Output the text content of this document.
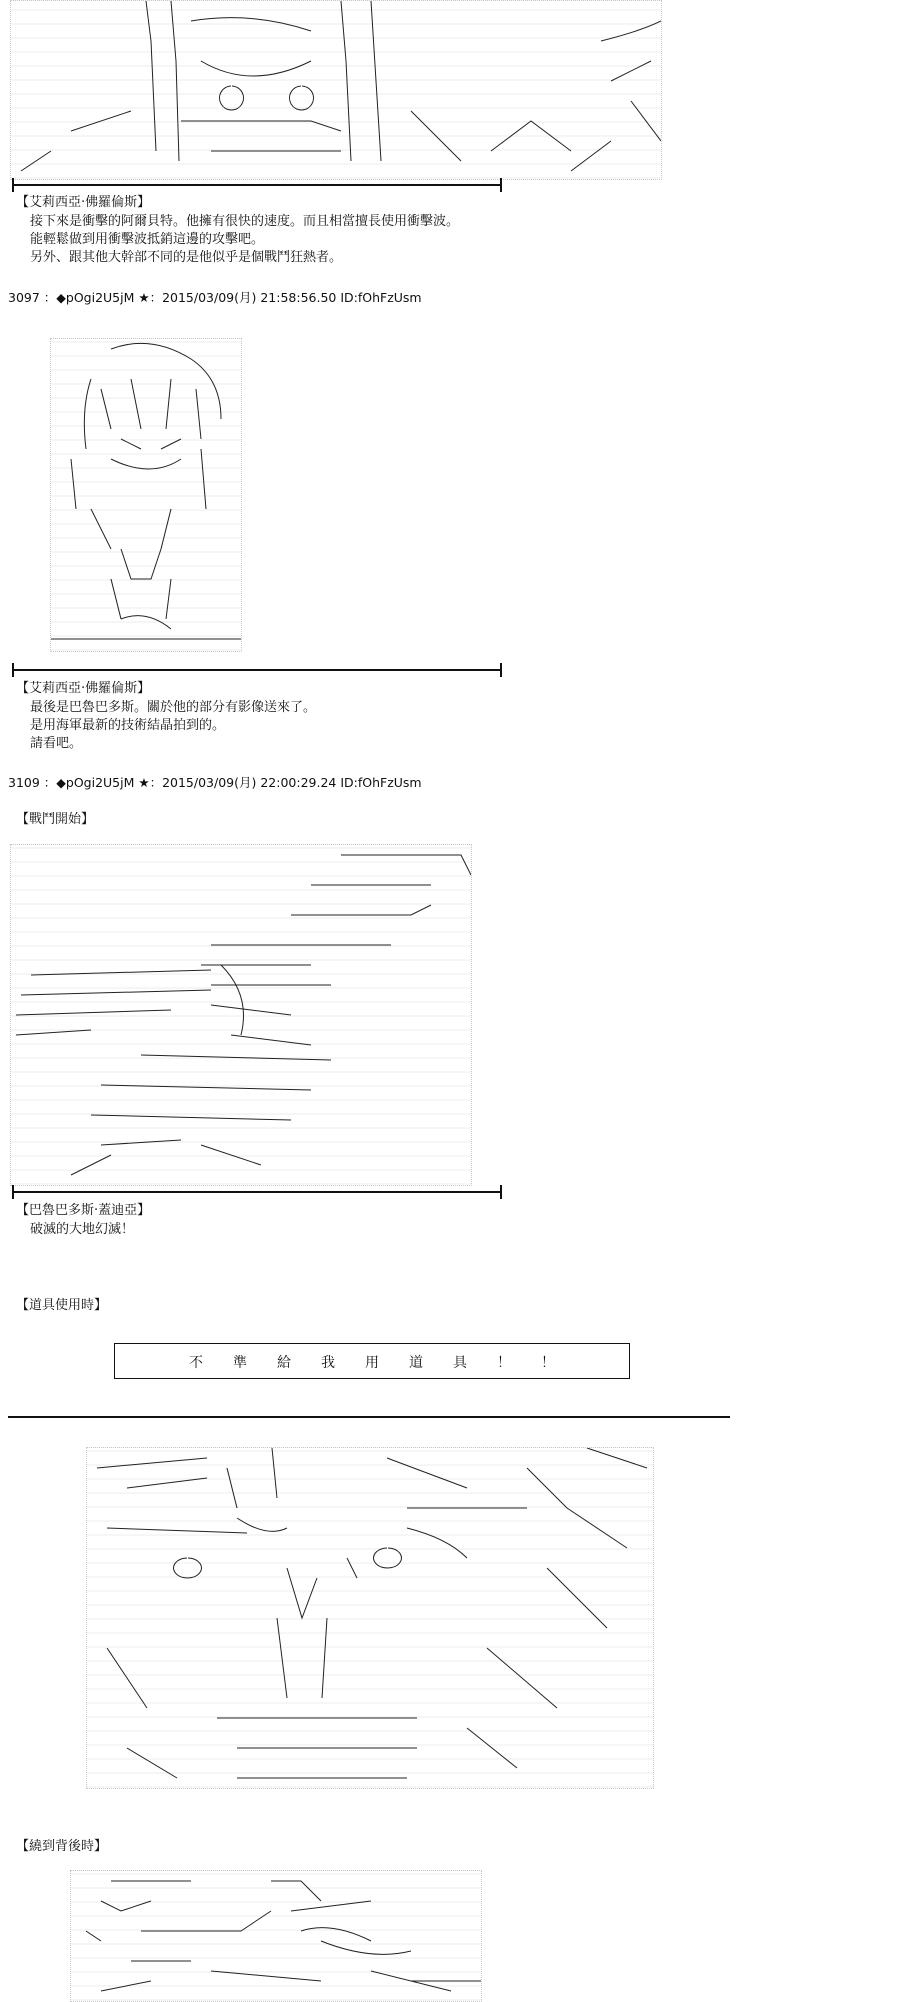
【艾莉西亞‧佛羅倫斯】
接下來是衝擊的阿爾貝特。他擁有很快的速度。而且相當擅長使用衝擊波。
能輕鬆做到用衝擊波抵銷這邊的攻擊吧。
另外、跟其他大幹部不同的是他似乎是個戰鬥狂熱者。
3097 ：◆pOgi2U5jM ★：2015/03/09(月) 21:58:56.50 ID:fOhFzUsm
【艾莉西亞‧佛羅倫斯】
最後是巴魯巴多斯。關於他的部分有影像送來了。
是用海軍最新的技術結晶拍到的。
請看吧。
3109 ：◆pOgi2U5jM ★：2015/03/09(月) 22:00:29.24 ID:fOhFzUsm
【戰鬥開始】
【巴魯巴多斯‧蓋迪亞】
破滅的大地幻滅！
【道具使用時】
不準給我用道具！！
【繞到背後時】
